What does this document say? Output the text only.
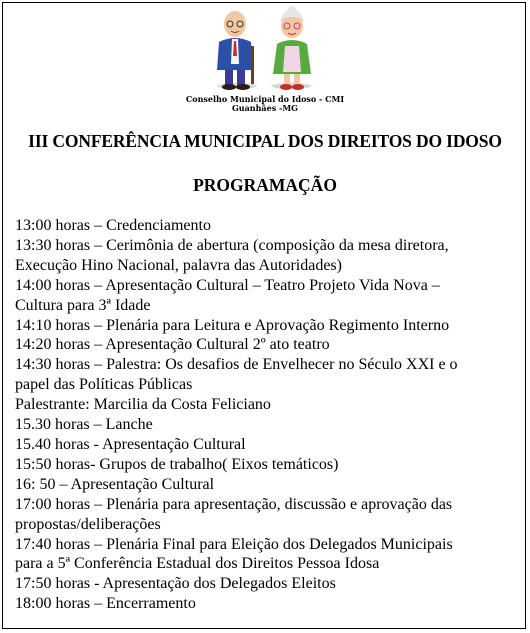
Conselho Municipal do Idoso - CMI
Guanhães -MG
III CONFERÊNCIA MUNICIPAL DOS DIREITOS DO IDOSO
PROGRAMAÇÃO
13:00 horas – Credenciamento
13:30 horas – Cerimônia de abertura (composição da mesa diretora,
Execução Hino Nacional, palavra das Autoridades)
14:00 horas – Apresentação Cultural – Teatro Projeto Vida Nova –
Cultura para 3ª Idade
14:10 horas – Plenária para Leitura e Aprovação Regimento Interno
14:20 horas – Apresentação Cultural 2º ato teatro
14:30 horas – Palestra: Os desafios de Envelhecer no Século XXI e o
papel das Políticas Públicas
Palestrante: Marcilia da Costa Feliciano
15.30 horas – Lanche
15.40 horas - Apresentação Cultural
15:50 horas- Grupos de trabalho( Eixos temáticos)
16: 50 – Apresentação Cultural
17:00 horas – Plenária para apresentação, discussão e aprovação das
propostas/deliberações
17:40 horas – Plenária Final para Eleição dos Delegados Municipais
para a 5ª Conferência Estadual dos Direitos Pessoa Idosa
17:50 horas - Apresentação dos Delegados Eleitos
18:00 horas – Encerramento
